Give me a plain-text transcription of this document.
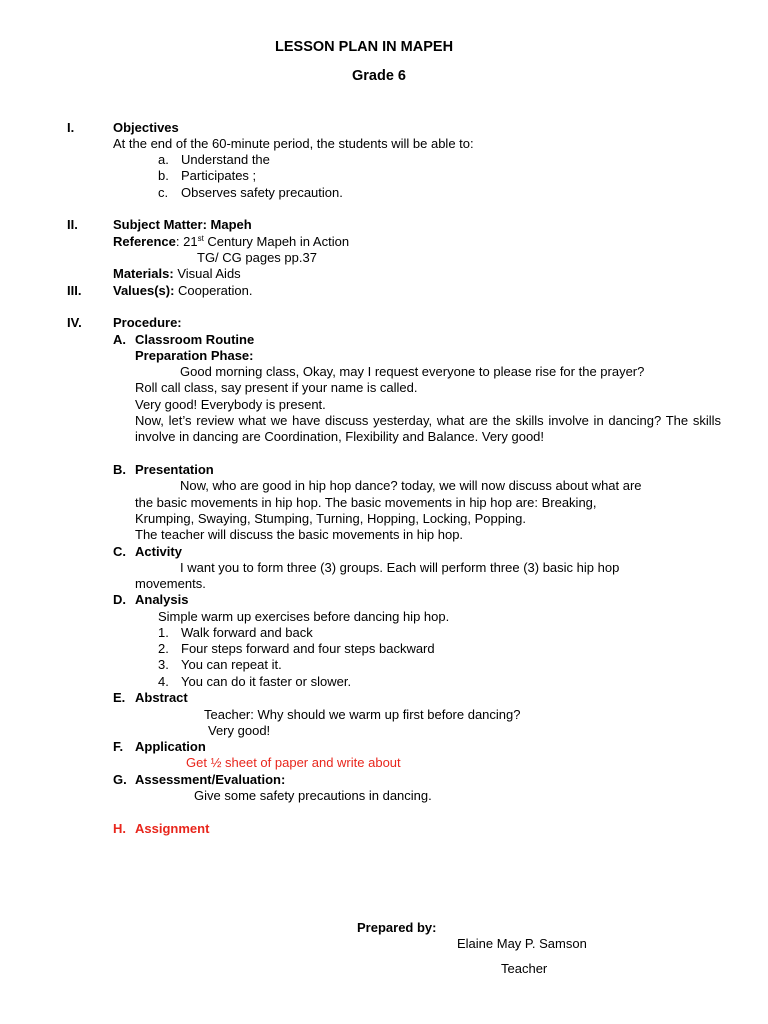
LESSON PLAN IN MAPEH
Grade 6
I.	Objectives
At the end of the 60-minute period, the students will be able to:
a. Understand the
b. Participates ;
c. Observes safety precaution.
II.	Subject Matter: Mapeh
Reference: 21st Century Mapeh in Action
TG/ CG pages pp.37
Materials: Visual Aids
III. Values(s): Cooperation.
IV. Procedure:
A. Classroom Routine
Preparation Phase:
Good morning class, Okay, may I request everyone to please rise for the prayer?
Roll call class, say present if your name is called.
Very good! Everybody is present.
Now, let’s review what we have discuss yesterday, what are the skills involve in dancing? The skills involve in dancing are Coordination, Flexibility and Balance. Very good!
B. Presentation
Now, who are good in hip hop dance? today, we will now discuss about what are
the basic movements in hip hop. The basic movements in hip hop are: Breaking,
Krumping, Swaying, Stumping, Turning, Hopping, Locking, Popping.
The teacher will discuss the basic movements in hip hop.
C. Activity
I want you to form three (3) groups. Each will perform three (3) basic hip hop
movements.
D. Analysis
Simple warm up exercises before dancing hip hop.
1. Walk forward and back
2. Four steps forward and four steps backward
3. You can repeat it.
4. You can do it faster or slower.
E. Abstract
Teacher: Why should we warm up first before dancing?
Very good!
F. Application
Get ½ sheet of paper and write about
G. Assessment/Evaluation:
Give some safety precautions in dancing.
H. Assignment
Prepared by:
Elaine May P. Samson
Teacher
